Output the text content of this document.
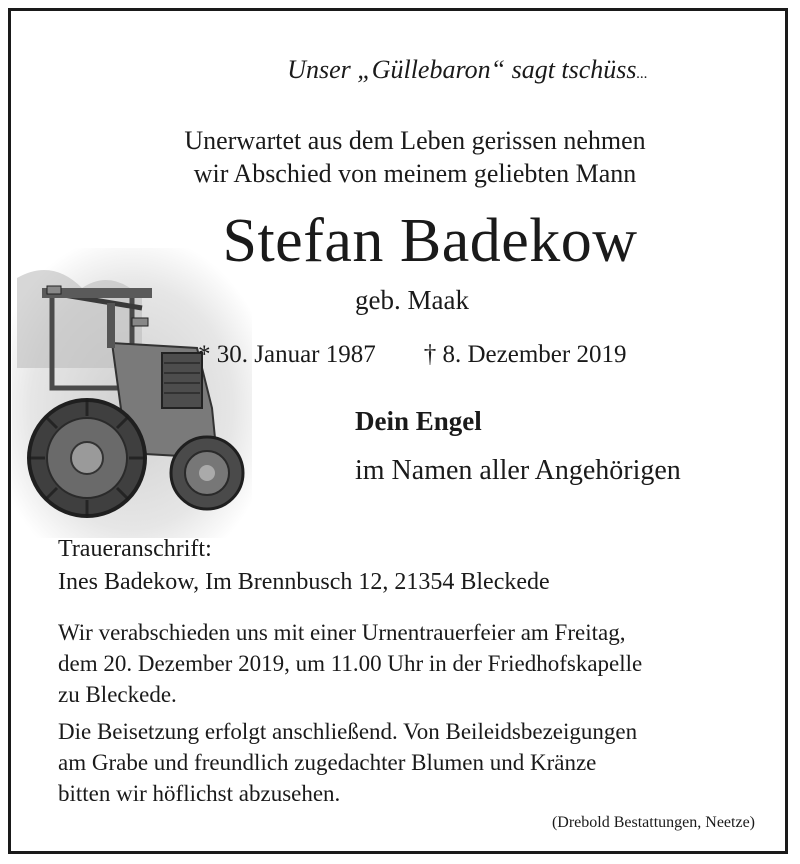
Unser „Güllebaron“ sagt tschüss...
Unerwartet aus dem Leben gerissen nehmen
wir Abschied von meinem geliebten Mann
Stefan Badekow
geb. Maak
* 30. Januar 1987 † 8. Dezember 2019
Dein Engel
im Namen aller Angehörigen
Traueranschrift:
Ines Badekow, Im Brennbusch 12, 21354 Bleckede
Wir verabschieden uns mit einer Urnentrauerfeier am Freitag,
dem 20. Dezember 2019, um 11.00 Uhr in der Friedhofskapelle
zu Bleckede.
Die Beisetzung erfolgt anschließend. Von Beileidsbezeigungen
am Grabe und freundlich zugedachter Blumen und Kränze
bitten wir höflichst abzusehen.
(Drebold Bestattungen, Neetze)
